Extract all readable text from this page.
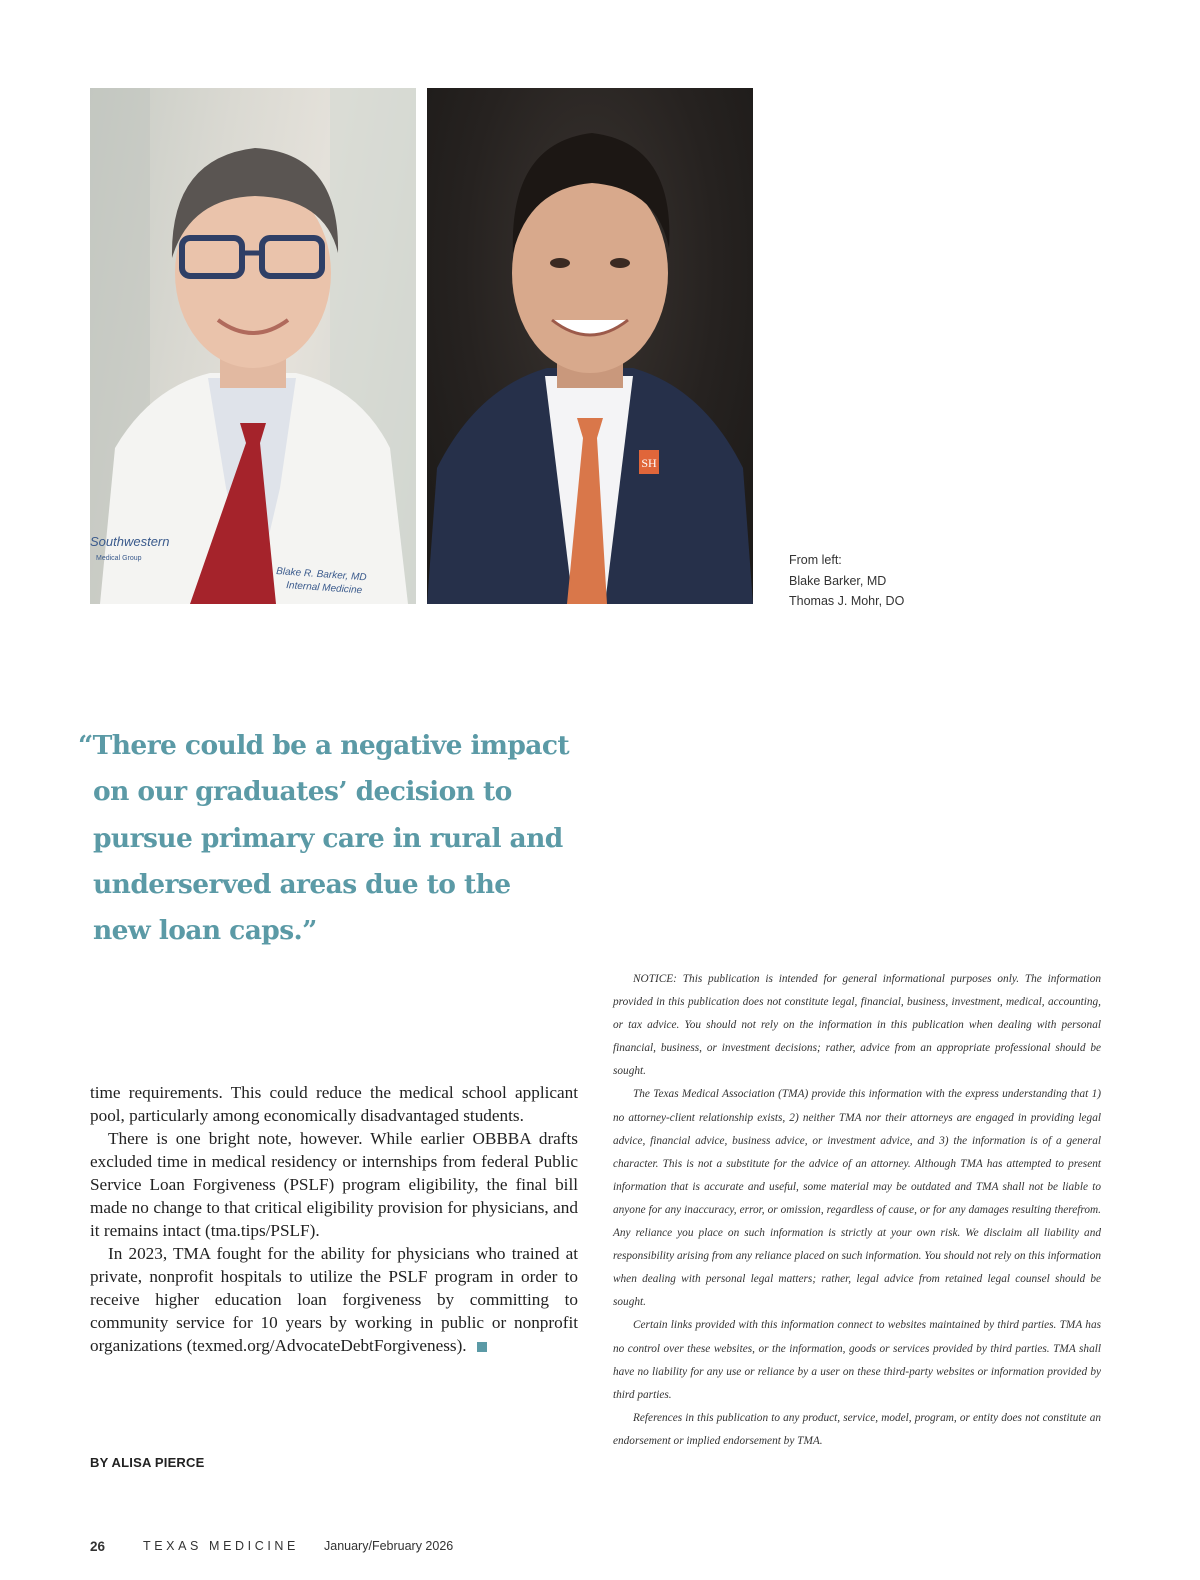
Southwestern
Medical Group
Blake R. Barker, MD
Internal Medicine
SH
From left:
Blake Barker, MD
Thomas J. Mohr, DO
“There could be a negative impact
on our graduates’ decision to
pursue primary care in rural and
underserved areas due to the
new loan caps.”

time requirements. This could reduce the medical school applicant pool, particularly among economically disadvantaged students.

There is one bright note, however. While earlier OBBBA drafts excluded time in medical residency or internships from federal Public Service Loan Forgiveness (PSLF) program eligibility, the final bill made no change to that critical eligibility provision for physicians, and it remains intact (tma.tips/PSLF).

In 2023, TMA fought for the ability for physicians who trained at private, nonprofit hospitals to utilize the PSLF program in order to receive higher education loan forgiveness by committing to community service for 10 years by working in public or nonprofit organizations (texmed.org/AdvocateDebtForgiveness).

BY ALISA PIERCE

NOTICE: This publication is intended for general informational purposes only. The information provided in this publication does not constitute legal, financial, business, investment, medical, accounting, or tax advice. You should not rely on the information in this publication when dealing with personal financial, business, or investment decisions; rather, advice from an appropriate professional should be sought.

The Texas Medical Association (TMA) provide this information with the express understanding that 1) no attorney-client relationship exists, 2) neither TMA nor their attorneys are engaged in providing legal advice, financial advice, business advice, or investment advice, and 3) the information is of a general character. This is not a substitute for the advice of an attorney. Although TMA has attempted to present information that is accurate and useful, some material may be outdated and TMA shall not be liable to anyone for any inaccuracy, error, or omission, regardless of cause, or for any damages resulting therefrom. Any reliance you place on such information is strictly at your own risk. We disclaim all liability and responsibility arising from any reliance placed on such information. You should not rely on this information when dealing with personal legal matters; rather, legal advice from retained legal counsel should be sought.

Certain links provided with this information connect to websites maintained by third parties. TMA has no control over these websites, or the information, goods or services provided by third parties. TMA shall have no liability for any use or reliance by a user on these third-party websites or information provided by third parties.

References in this publication to any product, service, model, program, or entity does not constitute an endorsement or implied endorsement by TMA.

26	TEXAS MEDICINE January/February 2026
